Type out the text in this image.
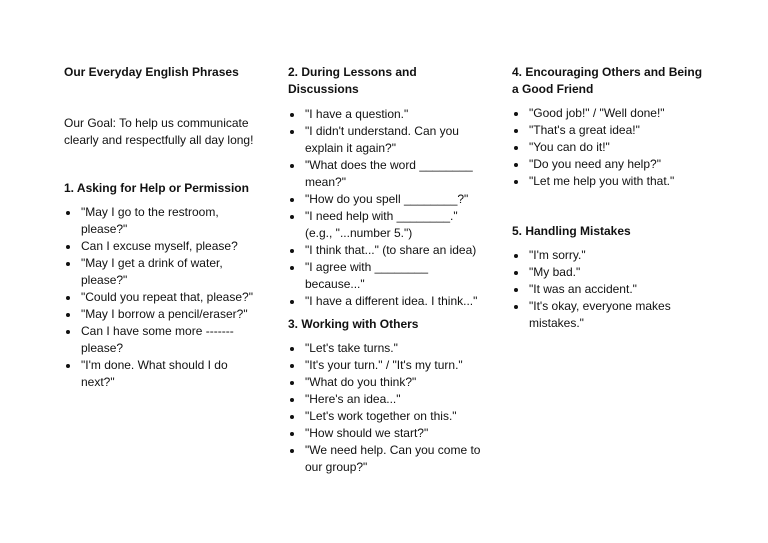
Our Everyday English Phrases

Our Goal: To help us communicate clearly and respectfully all day long!

1. Asking for Help or Permission
"May I go to the restroom, please?"
Can I excuse myself, please?
"May I get a drink of water, please?"
"Could you repeat that, please?"
"May I borrow a pencil/eraser?"
Can I have some more ------- please?
"I'm done. What should I do next?"
2. During Lessons and Discussions
"I have a question."
"I didn't understand. Can you explain it again?"
"What does the word ________ mean?"
"How do you spell ________?"
"I need help with ________." (e.g., "...number 5.")
"I think that..." (to share an idea)
"I agree with ________ because..."
"I have a different idea. I think..."
3. Working with Others
"Let's take turns."
"It's your turn." / "It's my turn."
"What do you think?"
"Here's an idea..."
"Let's work together on this."
"How should we start?"
"We need help. Can you come to our group?"
4. Encouraging Others and Being a Good Friend
"Good job!" / "Well done!"
"That's a great idea!"
"You can do it!"
"Do you need any help?"
"Let me help you with that."
5. Handling Mistakes
"I'm sorry."
"My bad."
"It was an accident."
"It's okay, everyone makes mistakes."
